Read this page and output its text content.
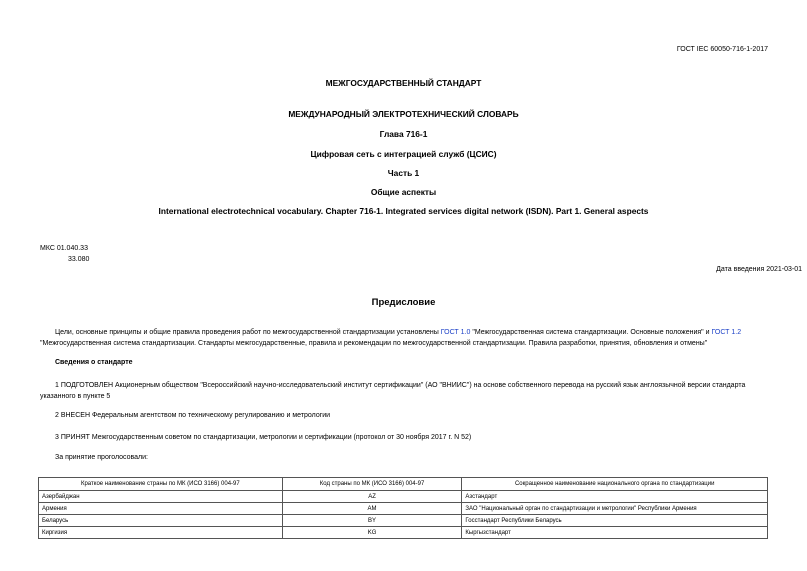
ГОСТ IEC 60050-716-1-2017
МЕЖГОСУДАРСТВЕННЫЙ СТАНДАРТ
МЕЖДУНАРОДНЫЙ ЭЛЕКТРОТЕХНИЧЕСКИЙ СЛОВАРЬ
Глава 716-1
Цифровая сеть с интеграцией служб (ЦСИС)
Часть 1
Общие аспекты
International electrotechnical vocabulary. Chapter 716-1. Integrated services digital network (ISDN). Part 1. General aspects
МКС 01.040.33
33.080
Дата введения 2021-03-01
Предисловие
Цели, основные принципы и общие правила проведения работ по межгосударственной стандартизации установлены ГОСТ 1.0 "Межгосударственная система стандартизации. Основные положения" и ГОСТ 1.2
"Межгосударственная система стандартизации. Стандарты межгосударственные, правила и рекомендации по межгосударственной стандартизации. Правила разработки, принятия, обновления и отмены"
Сведения о стандарте
1 ПОДГОТОВЛЕН Акционерным обществом "Всероссийский научно-исследовательский институт сертификации" (АО "ВНИИС") на основе собственного перевода на русский язык англоязычной версии стандарта
указанного в пункте 5
2 ВНЕСЕН Федеральным агентством по техническому регулированию и метрологии
3 ПРИНЯТ Межгосударственным советом по стандартизации, метрологии и сертификации (протокол от 30 ноября 2017 г. N 52)
За принятие проголосовали:
Краткое наименование страны по МК (ИСО 3166) 004-97	Код страны по МК (ИСО 3166) 004-97	Сокращенное наименование национального органа по стандартизации
Азербайджан	AZ	Азстандарт
Армения	AM	ЗАО "Национальный орган по стандартизации и метрологии" Республики Армения
Беларусь	BY	Госстандарт Республики Беларусь
Киргизия	KG	Кыргызстандарт
